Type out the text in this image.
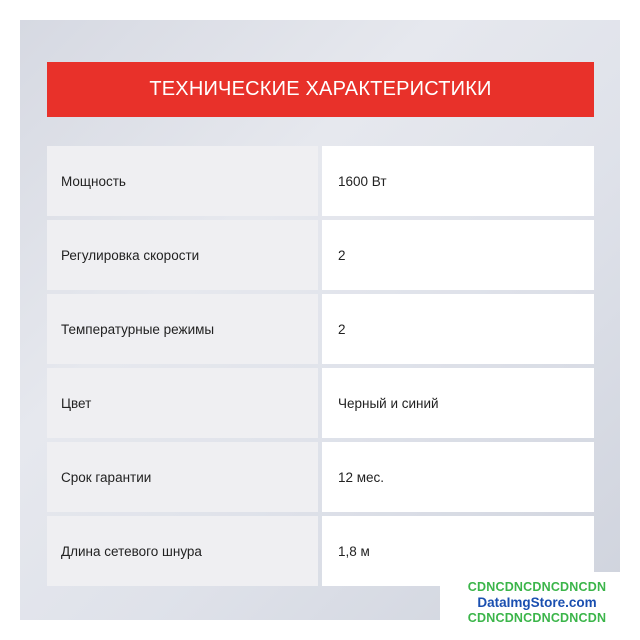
ТЕХНИЧЕСКИЕ ХАРАКТЕРИСТИКИ
Мощность	1600 Вт
Регулировка скорости	2
Температурные режимы	2
Цвет	Черный и синий
Срок гарантии	12 мес.
Длина сетевого шнура	1,8 м
CDNCDNCDNCDNCDN
DataImgStore.com
CDNCDNCDNCDNCDN
